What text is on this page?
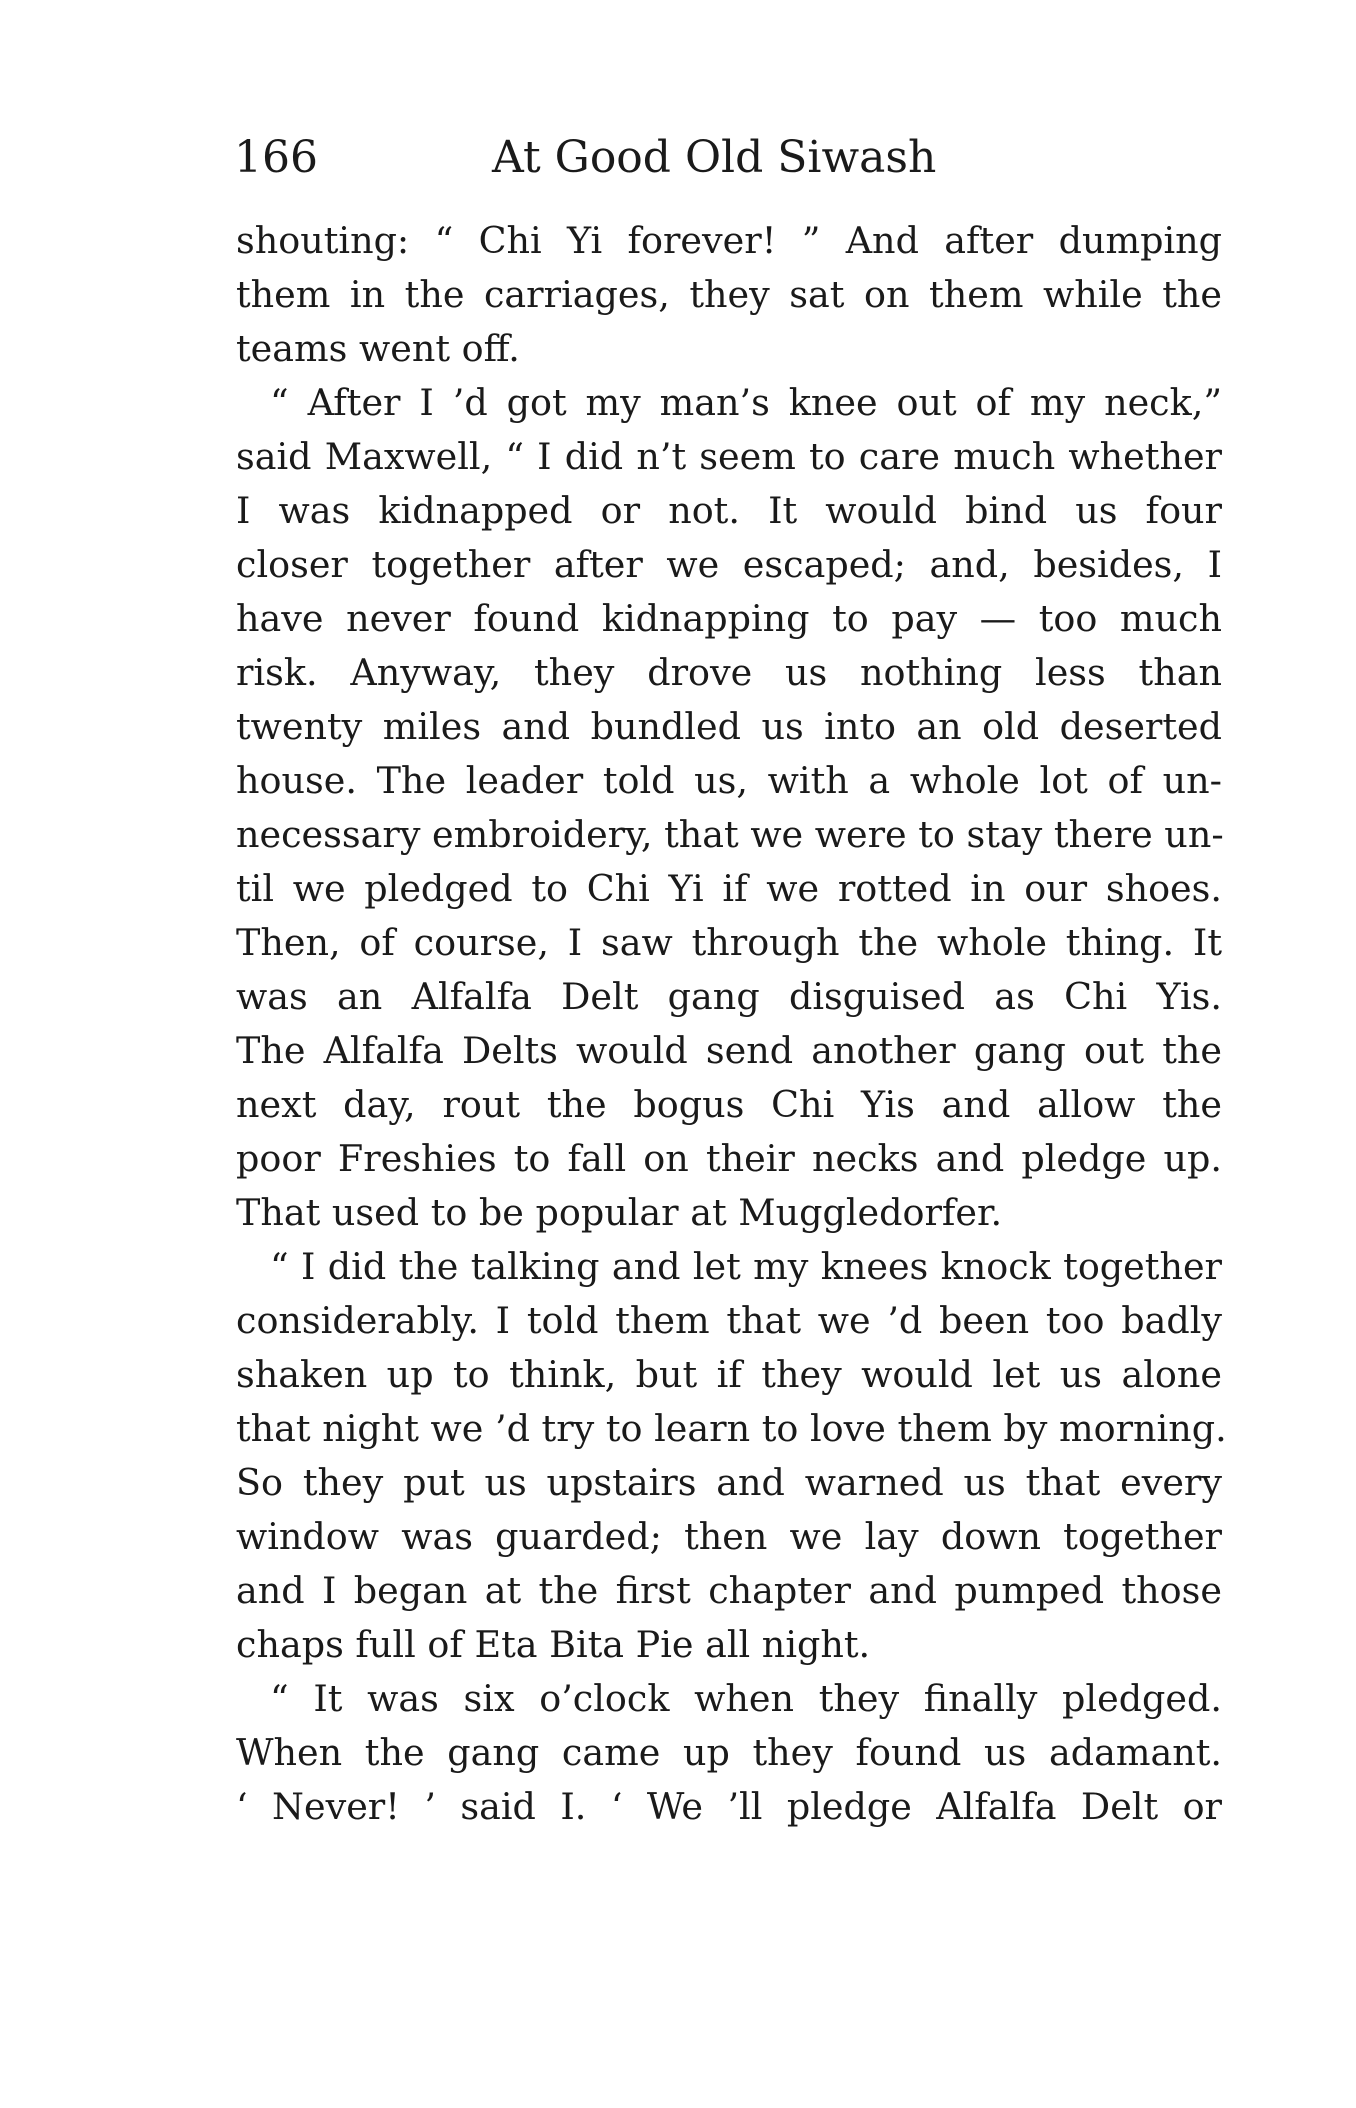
166	At Good Old Siwash
shouting: “ Chi Yi forever! ” And after dumping
them in the carriages, they sat on them while the
teams went off.
“ After I ’d got my man’s knee out of my neck,”
said Maxwell, “ I did n’t seem to care much whether
I was kidnapped or not. It would bind us four
closer together after we escaped; and, besides, I
have never found kidnapping to pay — too much
risk. Anyway, they drove us nothing less than
twenty miles and bundled us into an old deserted
house. The leader told us, with a whole lot of un-
necessary embroidery, that we were to stay there un-
til we pledged to Chi Yi if we rotted in our shoes.
Then, of course, I saw through the whole thing. It
was an Alfalfa Delt gang disguised as Chi Yis.
The Alfalfa Delts would send another gang out the
next day, rout the bogus Chi Yis and allow the
poor Freshies to fall on their necks and pledge up.
That used to be popular at Muggledorfer.
“ I did the talking and let my knees knock together
considerably. I told them that we ’d been too badly
shaken up to think, but if they would let us alone
that night we ’d try to learn to love them by morning.
So they put us upstairs and warned us that every
window was guarded; then we lay down together
and I began at the first chapter and pumped those
chaps full of Eta Bita Pie all night.
“ It was six o’clock when they finally pledged.
When the gang came up they found us adamant.
‘ Never! ’ said I. ‘ We ’ll pledge Alfalfa Delt or
